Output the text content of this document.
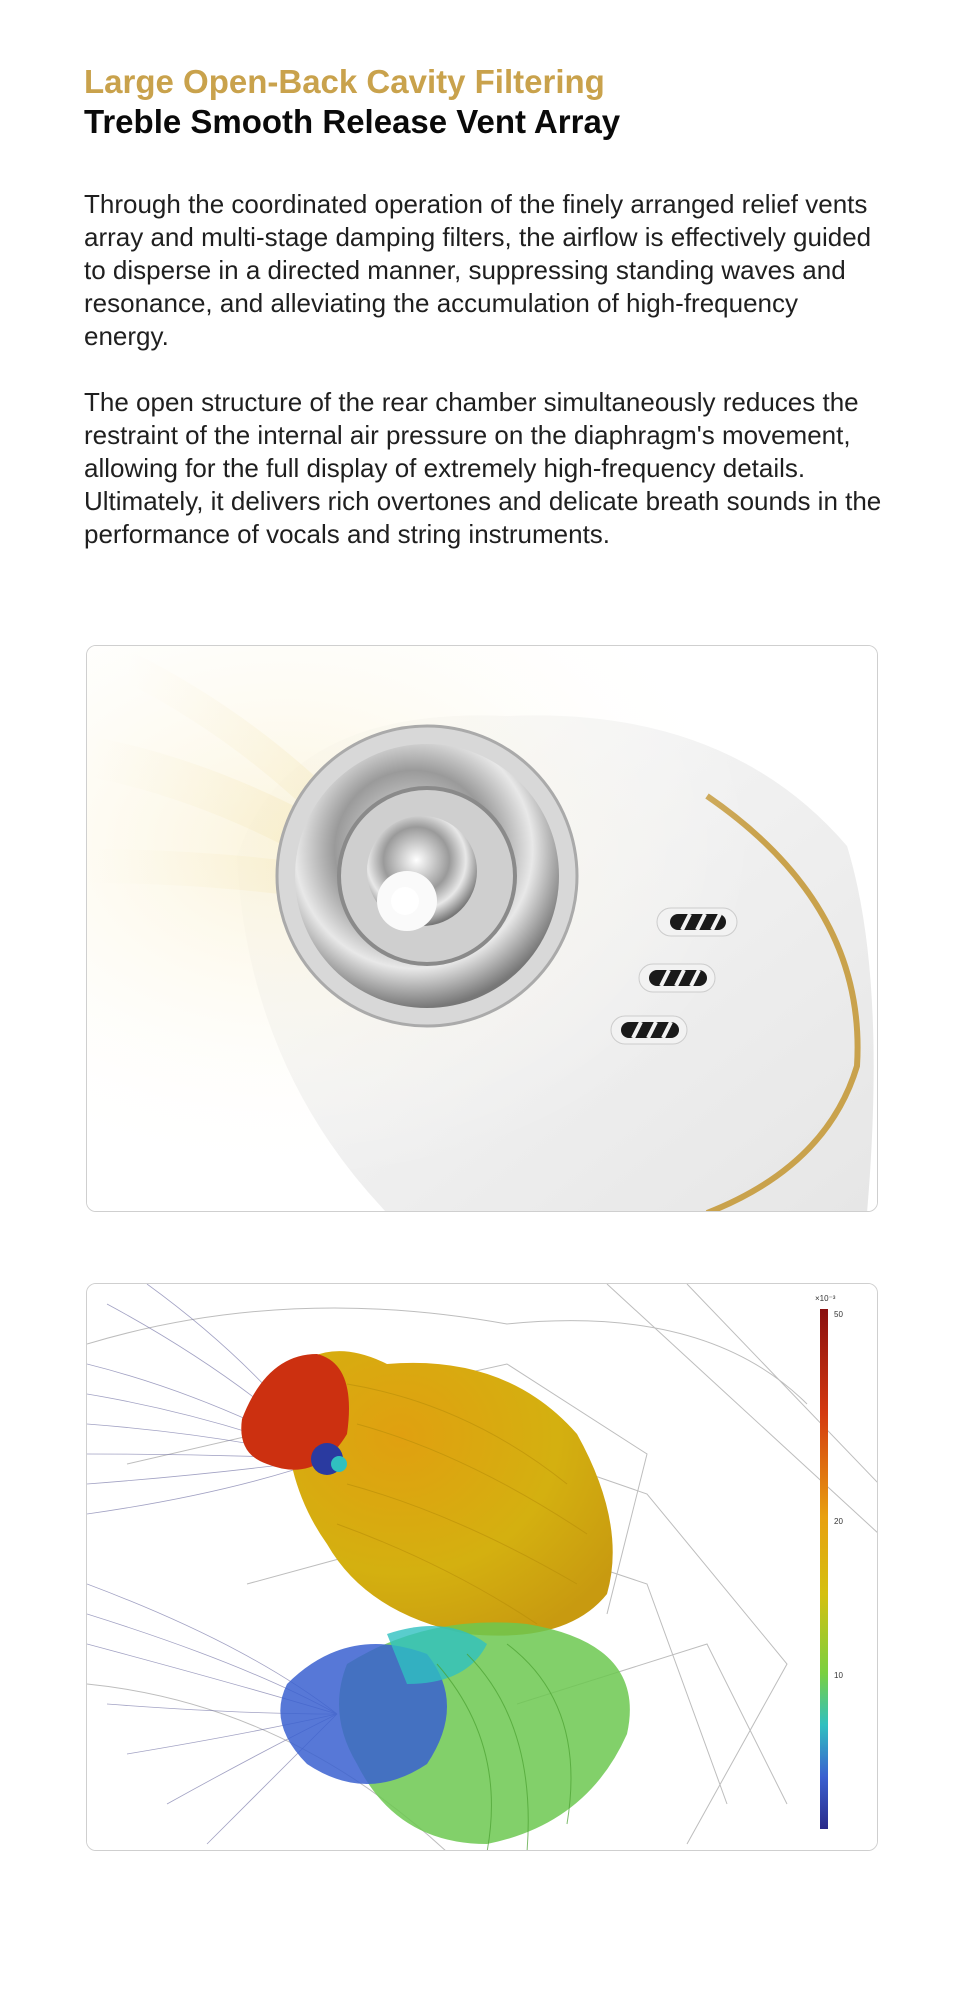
Large Open-Back Cavity Filtering
Treble Smooth Release Vent Array

Through the coordinated operation of the finely arranged relief vents array and multi-stage damping filters, the airflow is effectively guided to disperse in a directed manner, suppressing standing waves and resonance, and alleviating the accumulation of high-frequency energy.

The open structure of the rear chamber simultaneously reduces the restraint of the internal air pressure on the diaphragm's movement, allowing for the full display of extremely high-frequency details. Ultimately, it delivers rich overtones and delicate breath sounds in the performance of vocals and string instruments.

×10⁻³
50
20
10
